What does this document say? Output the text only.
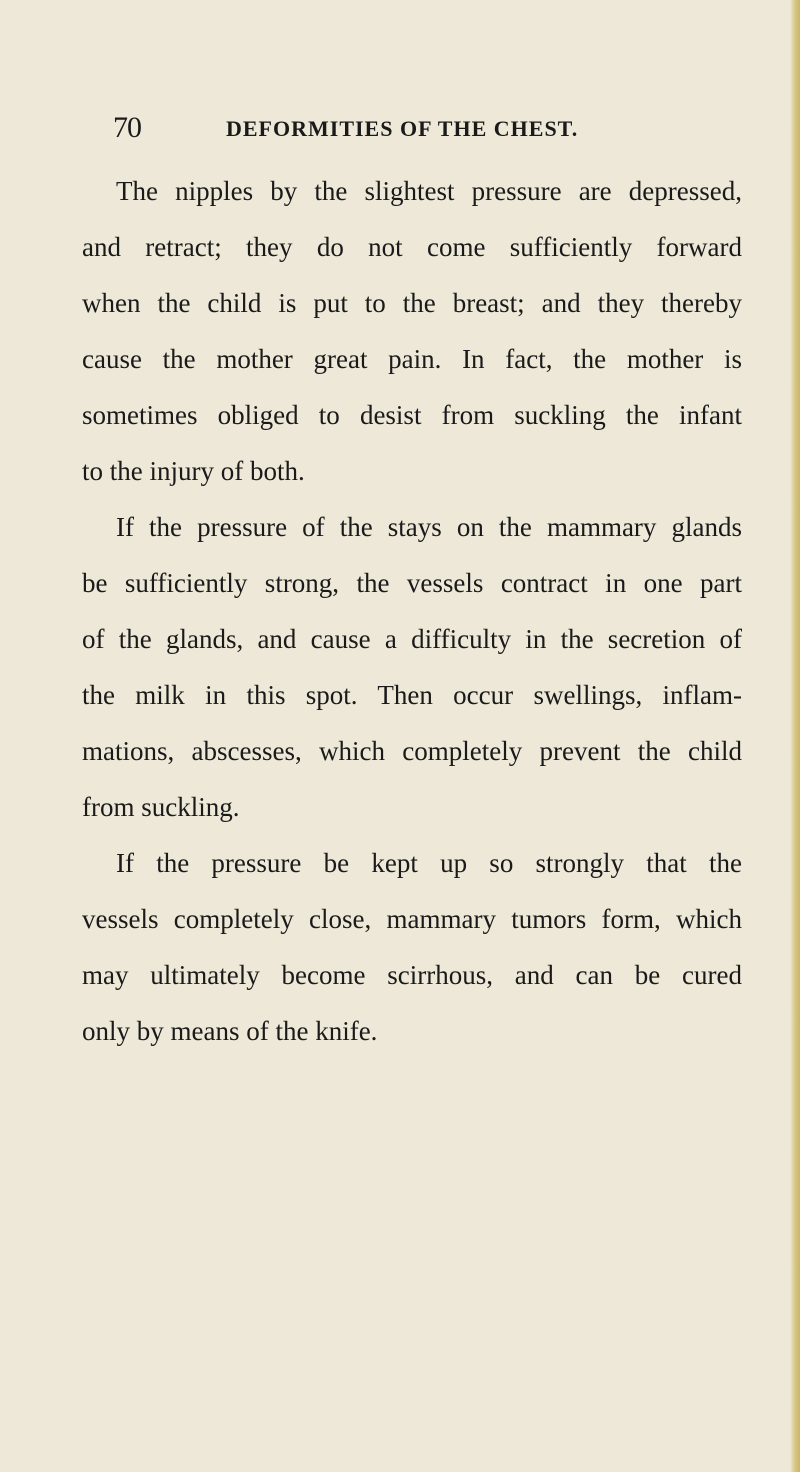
70	DEFORMITIES OF THE CHEST.
The nipples by the slightest pressure are depressed,
and retract; they do not come sufficiently forward
when the child is put to the breast; and they thereby
cause the mother great pain. In fact, the mother is
sometimes obliged to desist from suckling the infant
to the injury of both.
If the pressure of the stays on the mammary glands
be sufficiently strong, the vessels contract in one part
of the glands, and cause a difficulty in the secretion of
the milk in this spot. Then occur swellings, inflam-
mations, abscesses, which completely prevent the child
from suckling.
If the pressure be kept up so strongly that the
vessels completely close, mammary tumors form, which
may ultimately become scirrhous, and can be cured
only by means of the knife.
